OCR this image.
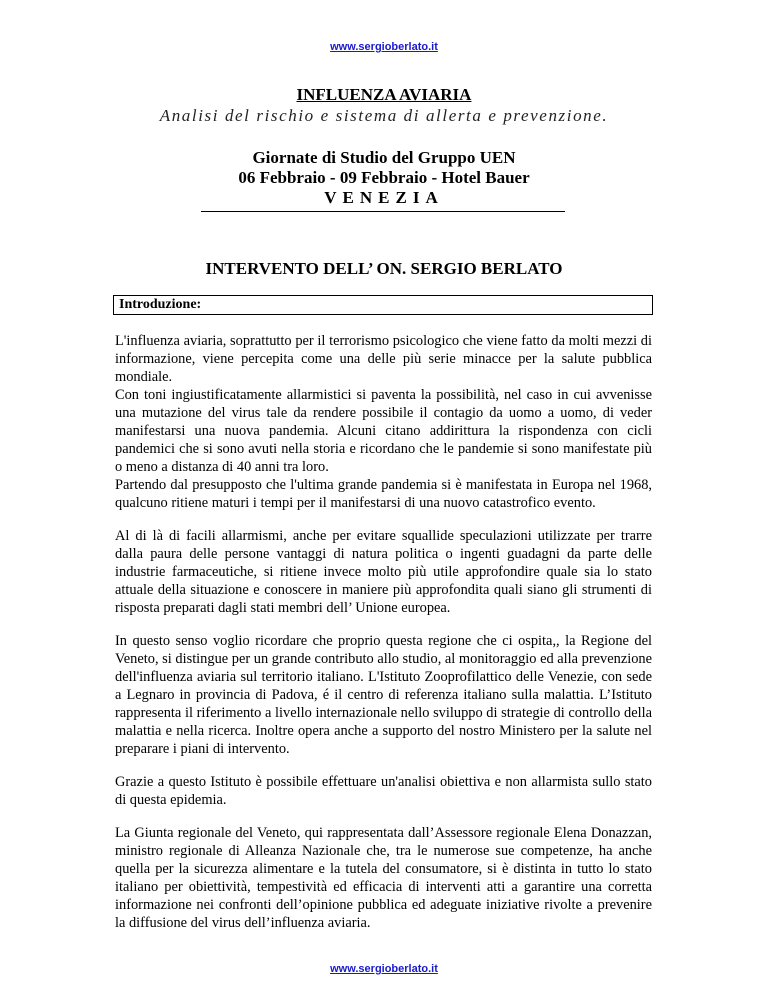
www.sergioberlato.it
INFLUENZA AVIARIA
Analisi del rischio e sistema di allerta e prevenzione.
Giornate di Studio del Gruppo UEN
06 Febbraio - 09 Febbraio - Hotel Bauer
VENEZIA
INTERVENTO DELL’ ON. SERGIO BERLATO
Introduzione:

L'influenza aviaria, soprattutto per il terrorismo psicologico che viene fatto da molti mezzi di informazione, viene percepita come una delle più serie minacce per la salute pubblica mondiale.
Con toni ingiustificatamente allarmistici si paventa la possibilità, nel caso in cui avvenisse una mutazione del virus tale da rendere possibile il contagio da uomo a uomo, di veder manifestarsi una nuova pandemia. Alcuni citano addirittura la rispondenza con cicli pandemici che si sono avuti nella storia e ricordano che le pandemie si sono manifestate più o meno a distanza di 40 anni tra loro.
Partendo dal presupposto che l'ultima grande pandemia si è manifestata in Europa nel 1968, qualcuno ritiene maturi i tempi per il manifestarsi di una nuovo catastrofico evento.

Al di là di facili allarmismi, anche per evitare squallide speculazioni utilizzate per trarre dalla paura delle persone vantaggi di natura politica o ingenti guadagni da parte delle industrie farmaceutiche, si ritiene invece molto più utile approfondire quale sia lo stato attuale della situazione e conoscere in maniere più approfondita quali siano gli strumenti di risposta preparati dagli stati membri dell’ Unione europea.

In questo senso voglio ricordare che proprio questa regione che ci ospita,, la Regione del Veneto, si distingue per un grande contributo allo studio, al monitoraggio ed alla prevenzione dell'influenza aviaria sul territorio italiano. L'Istituto Zooprofilattico delle Venezie, con sede a Legnaro in provincia di Padova, é il centro di referenza italiano sulla malattia. L’Istituto rappresenta il riferimento a livello internazionale nello sviluppo di strategie di controllo della malattia e nella ricerca. Inoltre opera anche a supporto del nostro Ministero per la salute nel preparare i piani di intervento.

Grazie a questo Istituto è possibile effettuare un'analisi obiettiva e non allarmista sullo stato di questa epidemia.

La Giunta regionale del Veneto, qui rappresentata dall’Assessore regionale Elena Donazzan, ministro regionale di Alleanza Nazionale che, tra le numerose sue competenze, ha anche quella per la sicurezza alimentare e la tutela del consumatore, si è distinta in tutto lo stato italiano per obiettività, tempestività ed efficacia di interventi atti a garantire una corretta informazione nei confronti dell’opinione pubblica ed adeguate iniziative rivolte a prevenire la diffusione del virus dell’influenza aviaria.

www.sergioberlato.it
